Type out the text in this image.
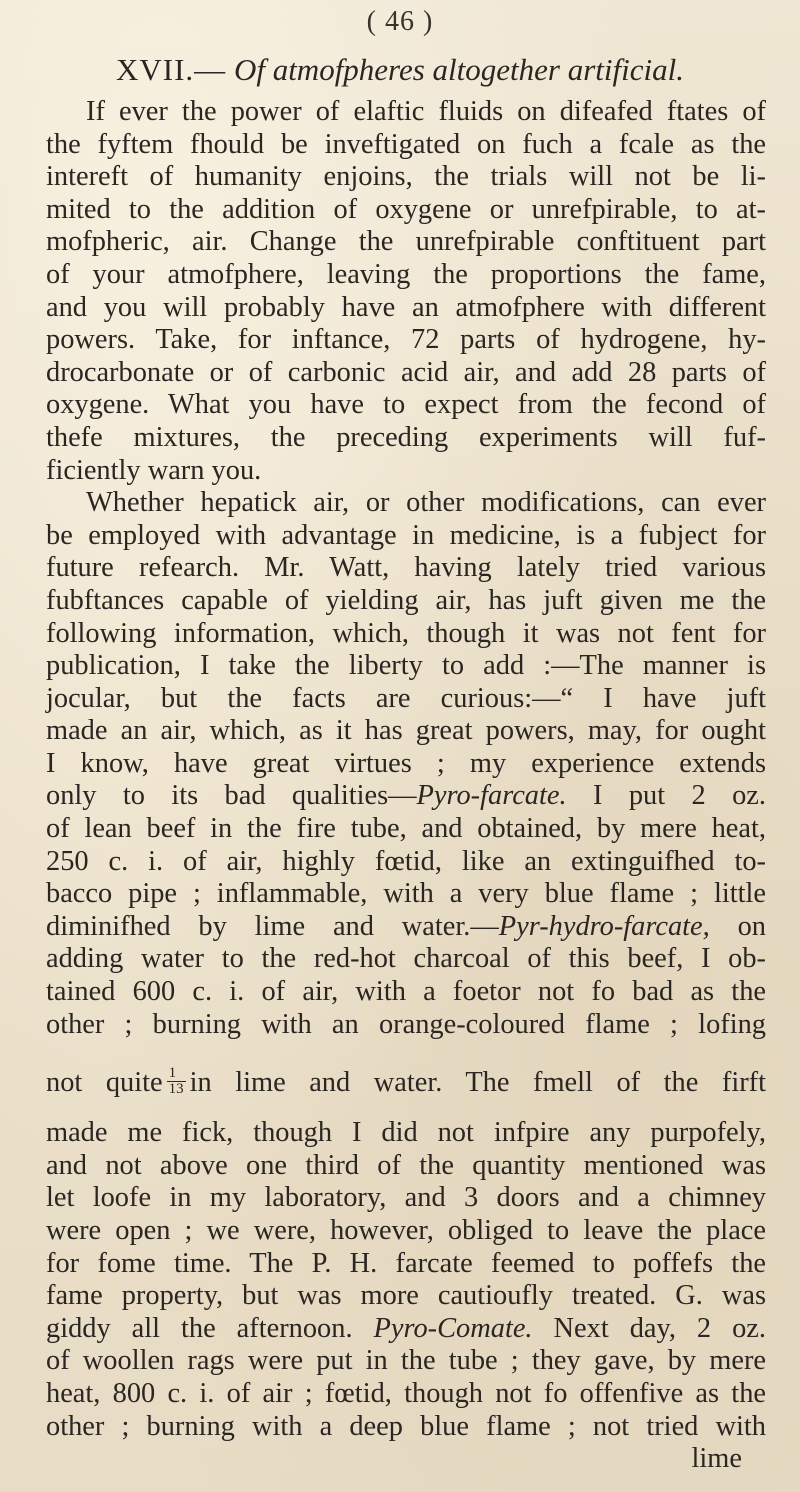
( 46 )
XVII.— Of atmofpheres altogether artificial.
If ever the power of elaftic fluids on difeafed ftates of
the fyftem fhould be inveftigated on fuch a fcale as the
intereft of humanity enjoins, the trials will not be li-
mited to the addition of oxygene or unrefpirable, to at-
mofpheric, air. Change the unrefpirable conftituent part
of your atmofphere, leaving the proportions the fame,
and you will probably have an atmofphere with different
powers. Take, for inftance, 72 parts of hydrogene, hy-
drocarbonate or of carbonic acid air, and add 28 parts of
oxygene. What you have to expect from the fecond of
thefe mixtures, the preceding experiments will fuf-
ficiently warn you.
Whether hepatick air, or other modifications, can ever
be employed with advantage in medicine, is a fubject for
future refearch. Mr. Watt, having lately tried various
fubftances capable of yielding air, has juft given me the
following information, which, though it was not fent for
publication, I take the liberty to add :—The manner is
jocular, but the facts are curious:—“ I have juft
made an air, which, as it has great powers, may, for ought
I know, have great virtues ; my experience extends
only to its bad qualities—Pyro-farcate. I put 2 oz.
of lean beef in the fire tube, and obtained, by mere heat,
250 c. i. of air, highly fœtid, like an extinguifhed to-
bacco pipe ; inflammable, with a very blue flame ; little
diminifhed by lime and water.—Pyr-hydro-farcate, on
adding water to the red-hot charcoal of this beef, I ob-
tained 600 c. i. of air, with a foetor not fo bad as the
other ; burning with an orange-coloured flame ; lofing
not quite $\frac{1}{13}$ in lime and water. The fmell of the firft
made me fick, though I did not infpire any purpofely,
and not above one third of the quantity mentioned was
let loofe in my laboratory, and 3 doors and a chimney
were open ; we were, however, obliged to leave the place
for fome time. The P. H. farcate feemed to poffefs the
fame property, but was more cautioufly treated. G. was
giddy all the afternoon. Pyro-Comate. Next day, 2 oz.
of woollen rags were put in the tube ; they gave, by mere
heat, 800 c. i. of air ; fœtid, though not fo offenfive as the
other ; burning with a deep blue flame ; not tried with
lime
